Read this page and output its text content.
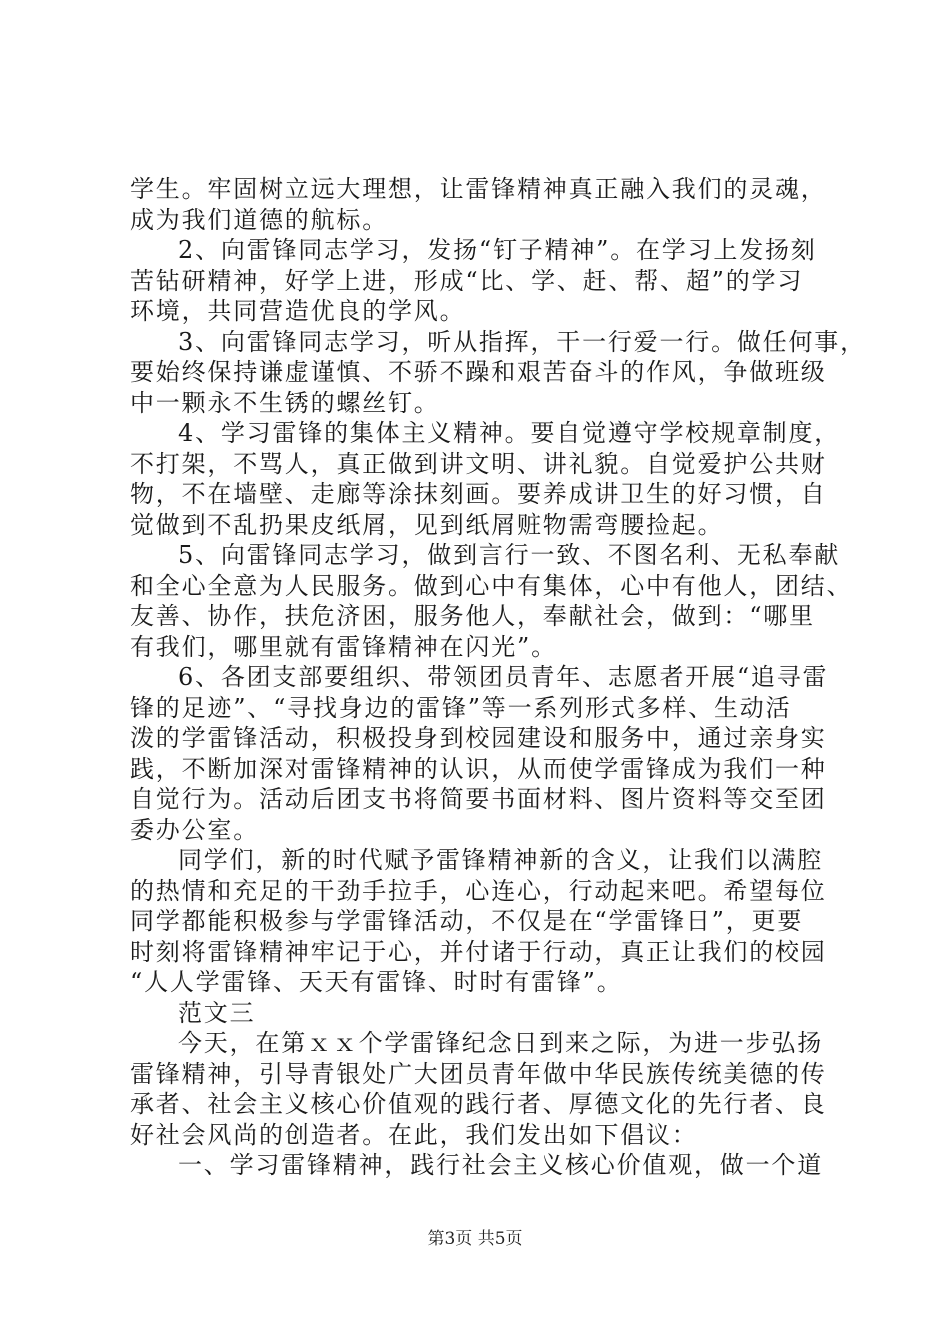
学生。牢固树立远大理想，让雷锋精神真正融入我们的灵魂，
成为我们道德的航标。
2、向雷锋同志学习，发扬“钉子精神”。在学习上发扬刻
苦钻研精神，好学上进，形成“比、学、赶、帮、超”的学习
环境，共同营造优良的学风。
3、向雷锋同志学习，听从指挥，干一行爱一行。做任何事，
要始终保持谦虚谨慎、不骄不躁和艰苦奋斗的作风，争做班级
中一颗永不生锈的螺丝钉。
4、学习雷锋的集体主义精神。要自觉遵守学校规章制度，
不打架，不骂人，真正做到讲文明、讲礼貌。自觉爱护公共财
物，不在墙壁、走廊等涂抹刻画。要养成讲卫生的好习惯，自
觉做到不乱扔果皮纸屑，见到纸屑赃物需弯腰捡起。
5、向雷锋同志学习，做到言行一致、不图名利、无私奉献
和全心全意为人民服务。做到心中有集体，心中有他人，团结、
友善、协作，扶危济困，服务他人，奉献社会，做到：“哪里
有我们，哪里就有雷锋精神在闪光”。
6、各团支部要组织、带领团员青年、志愿者开展“追寻雷
锋的足迹”、“寻找身边的雷锋”等一系列形式多样、生动活
泼的学雷锋活动，积极投身到校园建设和服务中，通过亲身实
践，不断加深对雷锋精神的认识，从而使学雷锋成为我们一种
自觉行为。活动后团支书将简要书面材料、图片资料等交至团
委办公室。
同学们，新的时代赋予雷锋精神新的含义，让我们以满腔
的热情和充足的干劲手拉手，心连心，行动起来吧。希望每位
同学都能积极参与学雷锋活动，不仅是在“学雷锋日”，更要
时刻将雷锋精神牢记于心，并付诸于行动，真正让我们的校园
“人人学雷锋、天天有雷锋、时时有雷锋”。
范文三
今天，在第ｘｘ个学雷锋纪念日到来之际，为进一步弘扬
雷锋精神，引导青银处广大团员青年做中华民族传统美德的传
承者、社会主义核心价值观的践行者、厚德文化的先行者、良
好社会风尚的创造者。在此，我们发出如下倡议：
一、学习雷锋精神，践行社会主义核心价值观，做一个道
第3页 共5页
